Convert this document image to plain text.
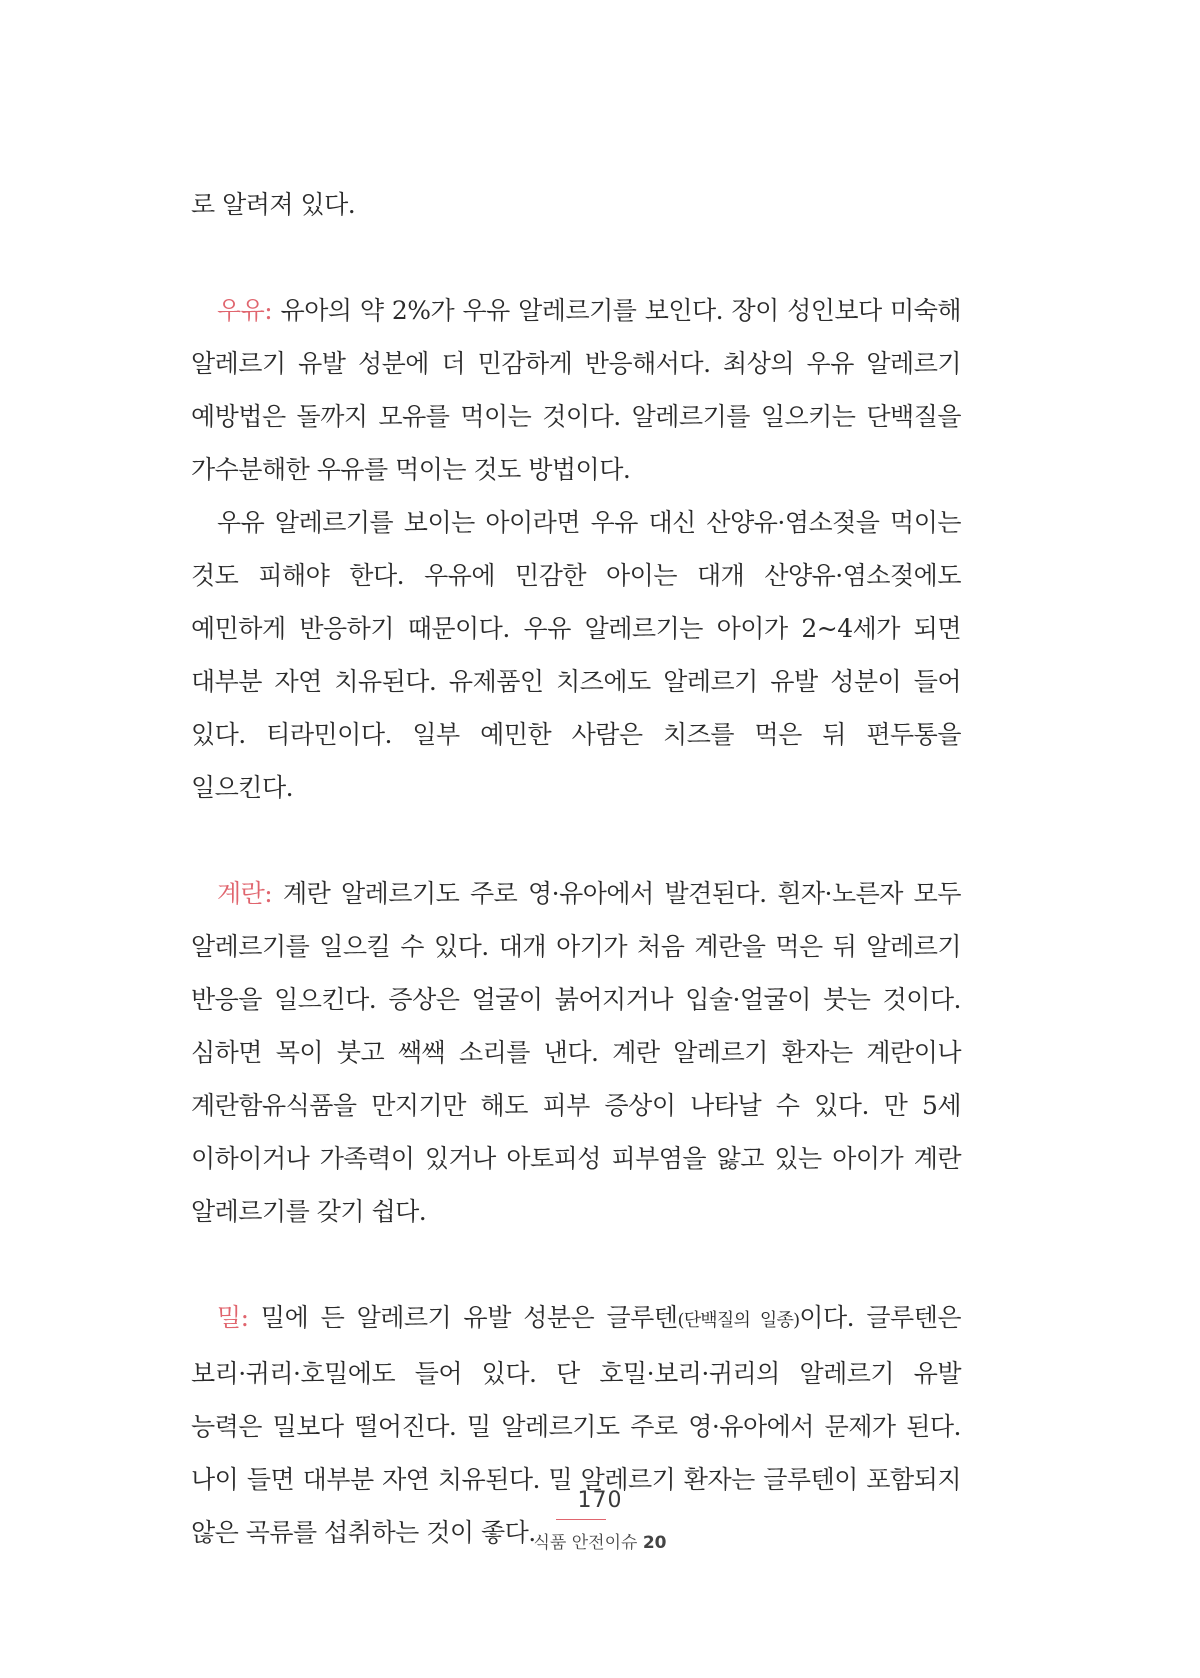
로 알려져 있다.

우유: 유아의 약 2%가 우유 알레르기를 보인다. 장이 성인보다 미숙해 알레르기 유발 성분에 더 민감하게 반응해서다. 최상의 우유 알레르기 예방법은 돌까지 모유를 먹이는 것이다. 알레르기를 일으키는 단백질을 가수분해한 우유를 먹이는 것도 방법이다.

우유 알레르기를 보이는 아이라면 우유 대신 산양유·염소젖을 먹이는 것도 피해야 한다. 우유에 민감한 아이는 대개 산양유·염소젖에도 예민하게 반응하기 때문이다. 우유 알레르기는 아이가 2~4세가 되면 대부분 자연 치유된다. 유제품인 치즈에도 알레르기 유발 성분이 들어 있다. 티라민이다. 일부 예민한 사람은 치즈를 먹은 뒤 편두통을 일으킨다.

계란: 계란 알레르기도 주로 영·유아에서 발견된다. 흰자·노른자 모두 알레르기를 일으킬 수 있다. 대개 아기가 처음 계란을 먹은 뒤 알레르기 반응을 일으킨다. 증상은 얼굴이 붉어지거나 입술·얼굴이 붓는 것이다. 심하면 목이 붓고 쌕쌕 소리를 낸다. 계란 알레르기 환자는 계란이나 계란함유식품을 만지기만 해도 피부 증상이 나타날 수 있다. 만 5세 이하이거나 가족력이 있거나 아토피성 피부염을 앓고 있는 아이가 계란 알레르기를 갖기 쉽다.

밀: 밀에 든 알레르기 유발 성분은 글루텐(단백질의 일종)이다. 글루텐은 보리·귀리·호밀에도 들어 있다. 단 호밀·보리·귀리의 알레르기 유발 능력은 밀보다 떨어진다. 밀 알레르기도 주로 영·유아에서 문제가 된다. 나이 들면 대부분 자연 치유된다. 밀 알레르기 환자는 글루텐이 포함되지 않은 곡류를 섭취하는 것이 좋다.

170
식품 안전이슈 20
